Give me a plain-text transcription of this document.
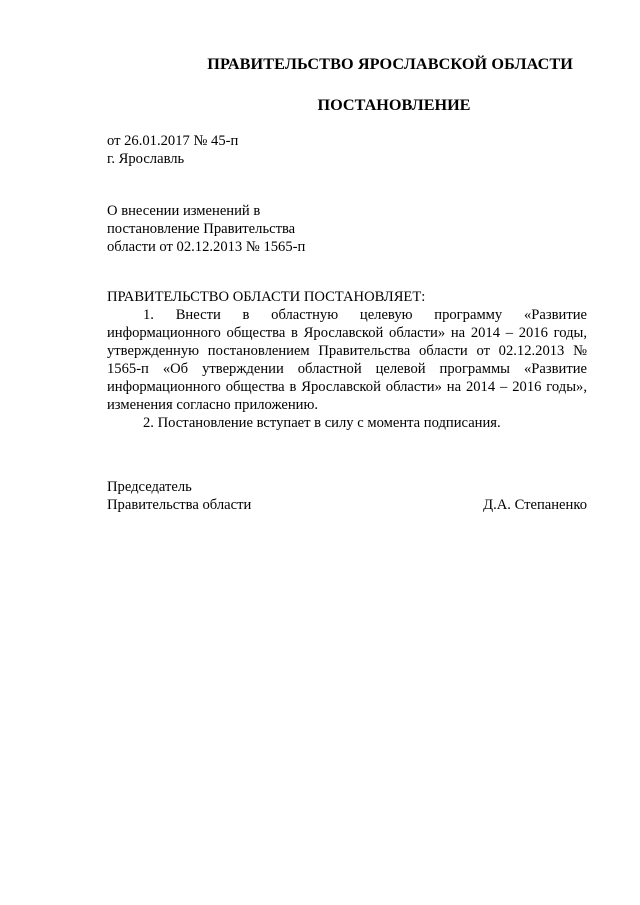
ПРАВИТЕЛЬСТВО ЯРОСЛАВСКОЙ ОБЛАСТИ
ПОСТАНОВЛЕНИЕ
от 26.01.2017 № 45-п
г. Ярославль
О внесении изменений в
постановление Правительства
области от 02.12.2013 № 1565-п
ПРАВИТЕЛЬСТВО ОБЛАСТИ ПОСТАНОВЛЯЕТ:

1. Внести в областную целевую программу «Развитие информационного общества в Ярославской области» на 2014 – 2016 годы, утвержденную постановлением Правительства области от 02.12.2013 № 1565-п «Об утверждении областной целевой программы «Развитие информационного общества в Ярославской области» на 2014 – 2016 годы», изменения согласно приложению.

2. Постановление вступает в силу с момента подписания.

Председатель
Правительства области	Д.А. Степаненко
